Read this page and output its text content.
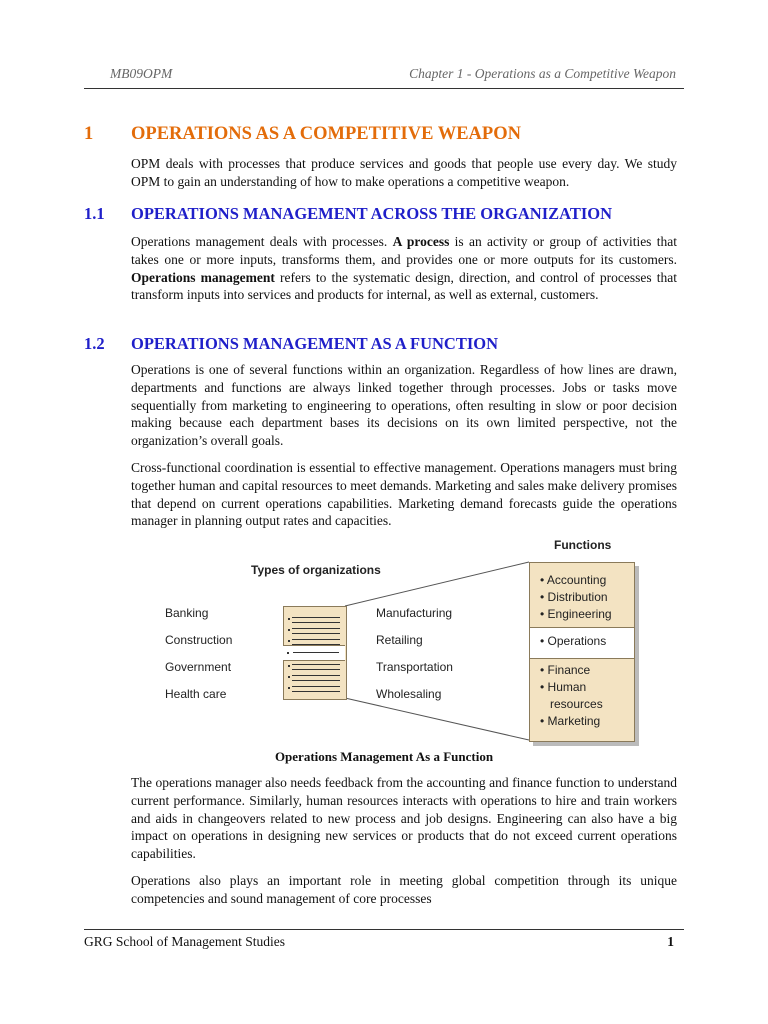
MB09OPM	Chapter 1 - Operations as a Competitive Weapon
1 OPERATIONS AS A COMPETITIVE WEAPON

OPM deals with processes that produce services and goods that people use every day. We study OPM to gain an understanding of how to make operations a competitive weapon.

1.1 OPERATIONS MANAGEMENT ACROSS THE ORGANIZATION

Operations management deals with processes. A process is an activity or group of activities that takes one or more inputs, transforms them, and provides one or more outputs for its customers. Operations management refers to the systematic design, direction, and control of processes that transform inputs into services and products for internal, as well as external, customers.

1.2 OPERATIONS MANAGEMENT AS A FUNCTION

Operations is one of several functions within an organization. Regardless of how lines are drawn, departments and functions are always linked together through processes. Jobs or tasks move sequentially from marketing to engineering to operations, often resulting in slow or poor decision making because each department bases its decisions on its own limited perspective, not the organization’s overall goals.

Cross-functional coordination is essential to effective management. Operations managers must bring together human and capital resources to meet demands. Marketing and sales make delivery promises that depend on current operations capabilities. Marketing demand forecasts guide the operations manager in planning output rates and capacities.

Types of organizations
Functions
Banking
Construction
Government
Health care
Manufacturing
Retailing
Transportation
Wholesaling
• Accounting
• Distribution
• Engineering
• Operations
• Finance
• Human
resources
• Marketing
Operations Management As a Function

The operations manager also needs feedback from the accounting and finance function to understand current performance. Similarly, human resources interacts with operations to hire and train workers and aids in changeovers related to new process and job designs. Engineering can also have a big impact on operations in designing new services or products that do not exceed current operations capabilities.

Operations also plays an important role in meeting global competition through its unique competencies and sound management of core processes

GRG School of Management Studies	1
